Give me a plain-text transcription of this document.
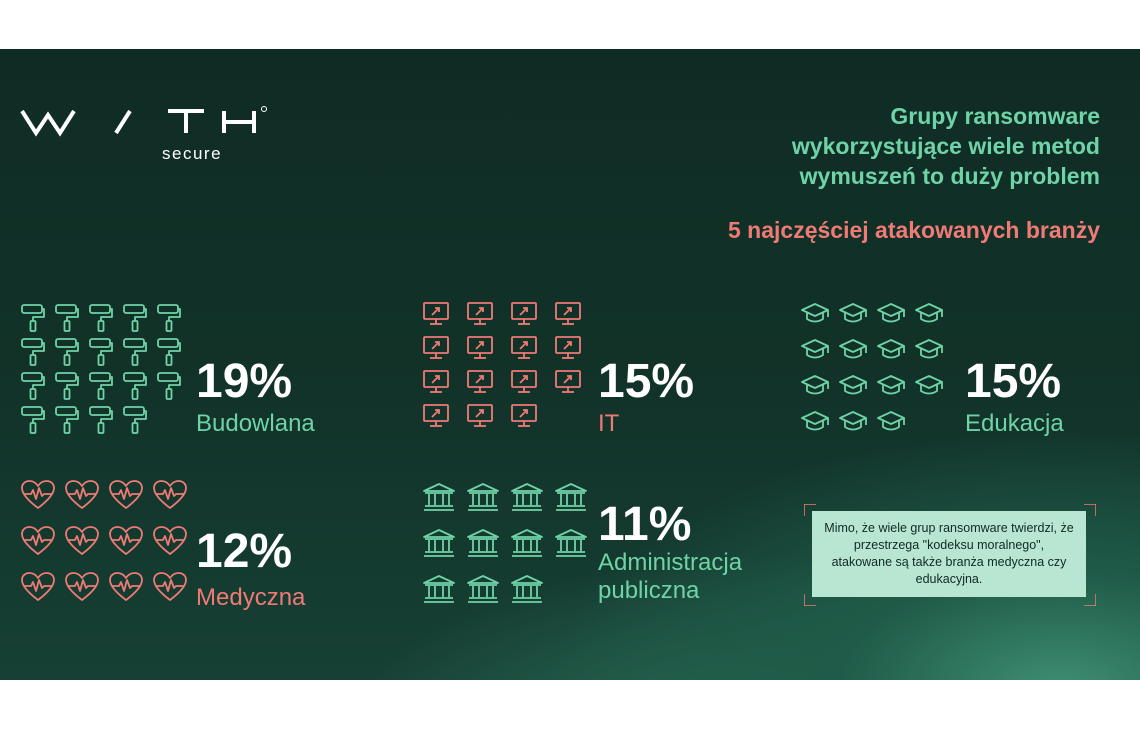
secure
Grupy ransomware
wykorzystujące wiele metod
wymuszeń to duży problem
5 najczęściej atakowanych branży
19%
Budowlana
15%
IT
15%
Edukacja
12%
Medyczna
11%
Administracja
publiczna
Mimo, że wiele grup ransomware twierdzi, że przestrzega "kodeksu moralnego", atakowane są także branża medyczna czy edukacyjna.
